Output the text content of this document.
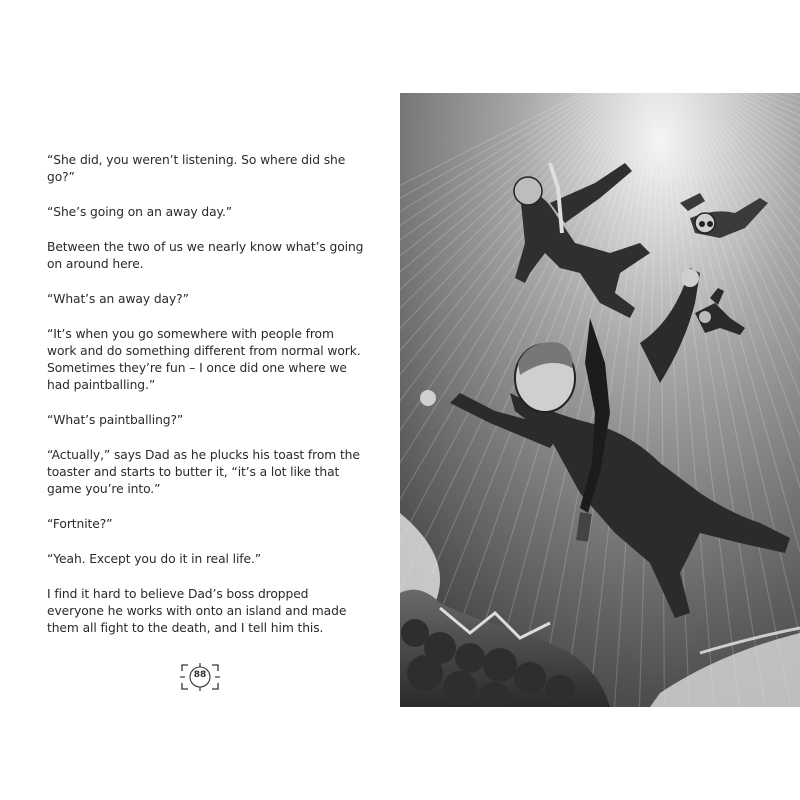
“She did, you weren’t listening. So where did she go?”

“She’s going on an away day.”

Between the two of us we nearly know what’s going on around here.

“What’s an away day?”

“It’s when you go somewhere with people from work and do something different from normal work. Sometimes they’re fun – I once did one where we had paintballing.”

“What’s paintballing?”

“Actually,” says Dad as he plucks his toast from the toaster and starts to butter it, “it’s a lot like that game you’re into.”

“Fortnite?”

“Yeah. Except you do it in real life.”

I find it hard to believe Dad’s boss dropped everyone he works with onto an island and made them all fight to the death, and I tell him this.

88
